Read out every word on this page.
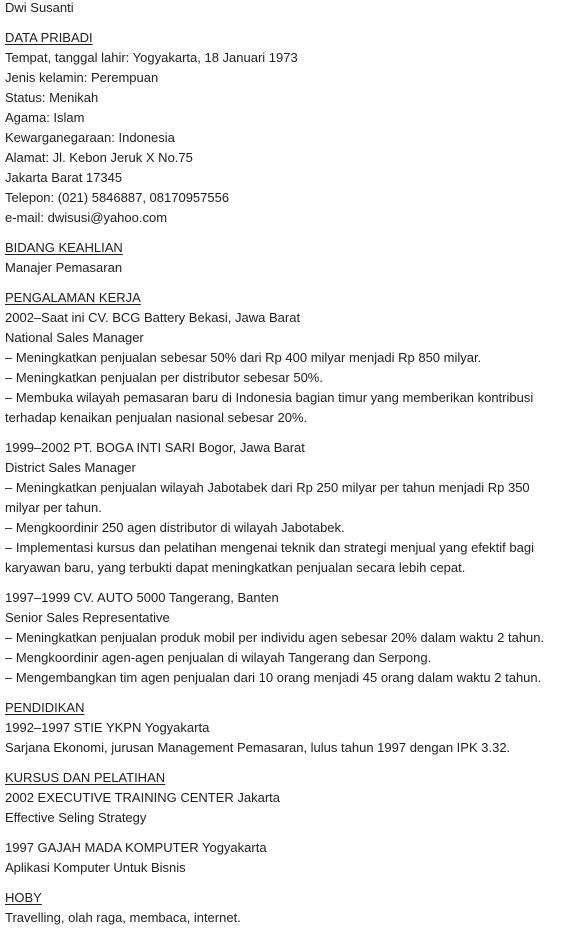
Dwi Susanti

DATA PRIBADI

Tempat, tanggal lahir: Yogyakarta, 18 Januari 1973

Jenis kelamin: Perempuan

Status: Menikah

Agama: Islam

Kewarganegaraan: Indonesia

Alamat: Jl. Kebon Jeruk X No.75

Jakarta Barat 17345

Telepon: (021) 5846887, 08170957556

e-mail: dwisusi@yahoo.com

BIDANG KEAHLIAN

Manajer Pemasaran

PENGALAMAN KERJA

2002–Saat ini CV. BCG Battery Bekasi, Jawa Barat

National Sales Manager

– Meningkatkan penjualan sebesar 50% dari Rp 400 milyar menjadi Rp 850 milyar.

– Meningkatkan penjualan per distributor sebesar 50%.

– Membuka wilayah pemasaran baru di Indonesia bagian timur yang memberikan kontribusi terhadap kenaikan penjualan nasional sebesar 20%.

1999–2002 PT. BOGA INTI SARI Bogor, Jawa Barat

District Sales Manager

– Meningkatkan penjualan wilayah Jabotabek dari Rp 250 milyar per tahun menjadi Rp 350 milyar per tahun.

– Mengkoordinir 250 agen distributor di wilayah Jabotabek.

– Implementasi kursus dan pelatihan mengenai teknik dan strategi menjual yang efektif bagi karyawan baru, yang terbukti dapat meningkatkan penjualan secara lebih cepat.

1997–1999 CV. AUTO 5000 Tangerang, Banten

Senior Sales Representative

– Meningkatkan penjualan produk mobil per individu agen sebesar 20% dalam waktu 2 tahun.

– Mengkoordinir agen-agen penjualan di wilayah Tangerang dan Serpong.

– Mengembangkan tim agen penjualan dari 10 orang menjadi 45 orang dalam waktu 2 tahun.

PENDIDIKAN

1992–1997 STIE YKPN Yogyakarta

Sarjana Ekonomi, jurusan Management Pemasaran, lulus tahun 1997 dengan IPK 3.32.

KURSUS DAN PELATIHAN

2002 EXECUTIVE TRAINING CENTER Jakarta

Effective Seling Strategy

1997 GAJAH MADA KOMPUTER Yogyakarta

Aplikasi Komputer Untuk Bisnis

HOBY

Travelling, olah raga, membaca, internet.
